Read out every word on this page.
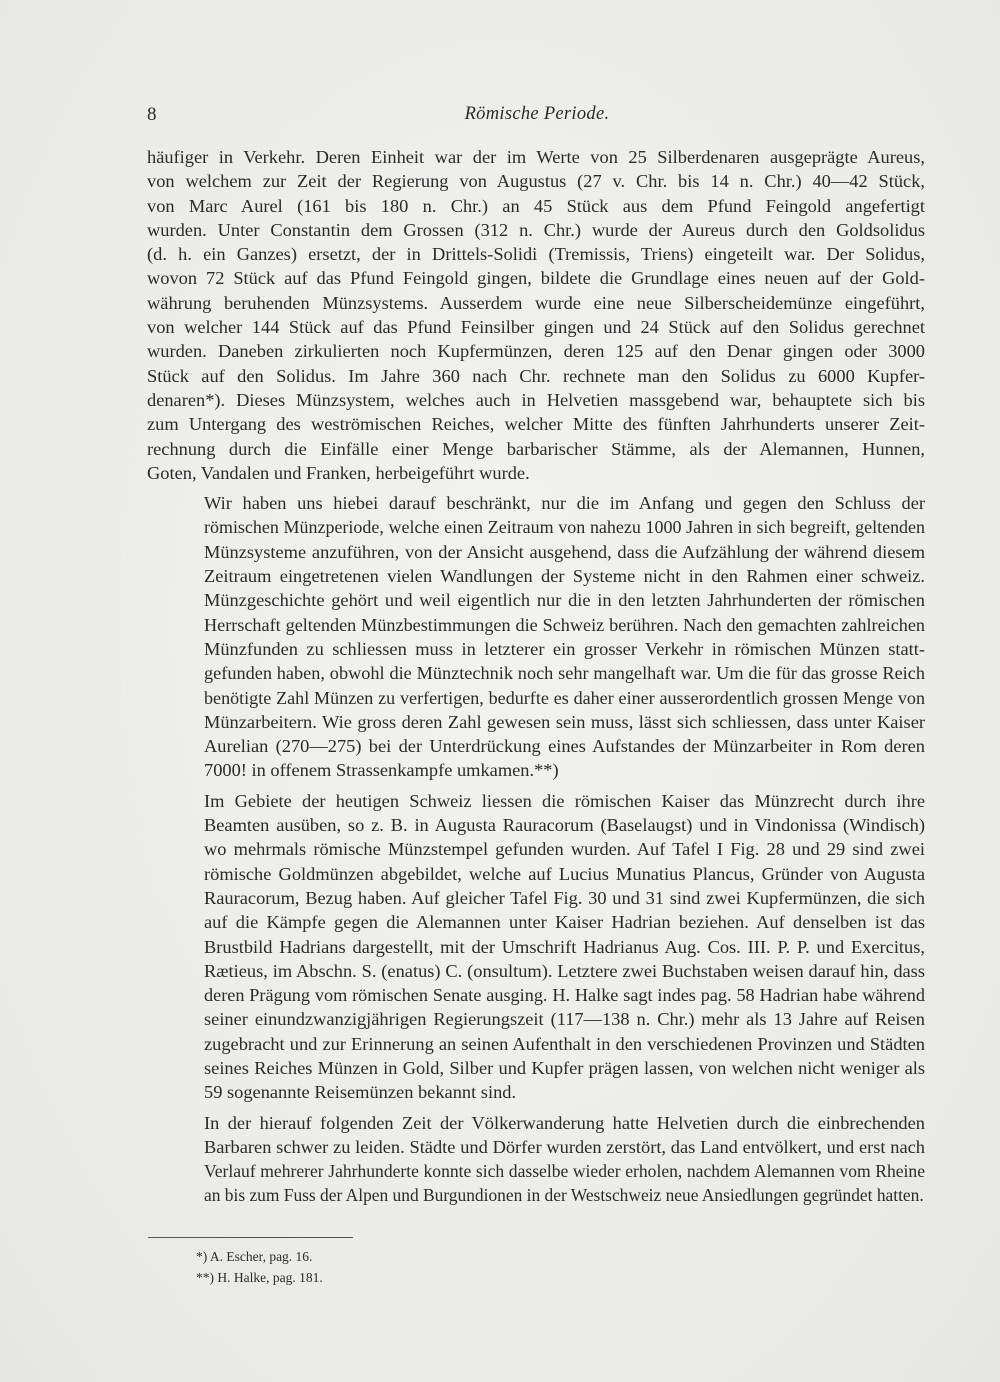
8	Römische Periode.
häufiger in Verkehr. Deren Einheit war der im Werte von 25 Silberdenaren ausgeprägte Aureus,
von welchem zur Zeit der Regierung von Augustus (27 v. Chr. bis 14 n. Chr.) 40—42 Stück,
von Marc Aurel (161 bis 180 n. Chr.) an 45 Stück aus dem Pfund Feingold angefertigt
wurden. Unter Constantin dem Grossen (312 n. Chr.) wurde der Aureus durch den Goldsolidus
(d. h. ein Ganzes) ersetzt, der in Drittels-Solidi (Tremissis, Triens) eingeteilt war. Der Solidus,
wovon 72 Stück auf das Pfund Feingold gingen, bildete die Grundlage eines neuen auf der Gold-
währung beruhenden Münzsystems. Ausserdem wurde eine neue Silberscheidemünze eingeführt,
von welcher 144 Stück auf das Pfund Feinsilber gingen und 24 Stück auf den Solidus gerechnet
wurden. Daneben zirkulierten noch Kupfermünzen, deren 125 auf den Denar gingen oder 3000
Stück auf den Solidus. Im Jahre 360 nach Chr. rechnete man den Solidus zu 6000 Kupfer-
denaren*). Dieses Münzsystem, welches auch in Helvetien massgebend war, behauptete sich bis
zum Untergang des weströmischen Reiches, welcher Mitte des fünften Jahrhunderts unserer Zeit-
rechnung durch die Einfälle einer Menge barbarischer Stämme, als der Alemannen, Hunnen,
Goten, Vandalen und Franken, herbeigeführt wurde.
Wir haben uns hiebei darauf beschränkt, nur die im Anfang und gegen den Schluss der
römischen Münzperiode, welche einen Zeitraum von nahezu 1000 Jahren in sich begreift, geltenden
Münzsysteme anzuführen, von der Ansicht ausgehend, dass die Aufzählung der während diesem
Zeitraum eingetretenen vielen Wandlungen der Systeme nicht in den Rahmen einer schweiz.
Münzgeschichte gehört und weil eigentlich nur die in den letzten Jahrhunderten der römischen
Herrschaft geltenden Münzbestimmungen die Schweiz berühren. Nach den gemachten zahlreichen
Münzfunden zu schliessen muss in letzterer ein grosser Verkehr in römischen Münzen statt-
gefunden haben, obwohl die Münztechnik noch sehr mangelhaft war. Um die für das grosse Reich
benötigte Zahl Münzen zu verfertigen, bedurfte es daher einer ausserordentlich grossen Menge von
Münzarbeitern. Wie gross deren Zahl gewesen sein muss, lässt sich schliessen, dass unter Kaiser
Aurelian (270—275) bei der Unterdrückung eines Aufstandes der Münzarbeiter in Rom deren
7000! in offenem Strassenkampfe umkamen.**)
Im Gebiete der heutigen Schweiz liessen die römischen Kaiser das Münzrecht durch ihre
Beamten ausüben, so z. B. in Augusta Rauracorum (Baselaugst) und in Vindonissa (Windisch)
wo mehrmals römische Münzstempel gefunden wurden. Auf Tafel I Fig. 28 und 29 sind zwei
römische Goldmünzen abgebildet, welche auf Lucius Munatius Plancus, Gründer von Augusta
Rauracorum, Bezug haben. Auf gleicher Tafel Fig. 30 und 31 sind zwei Kupfermünzen, die sich
auf die Kämpfe gegen die Alemannen unter Kaiser Hadrian beziehen. Auf denselben ist das
Brustbild Hadrians dargestellt, mit der Umschrift Hadrianus Aug. Cos. III. P. P. und Exercitus,
Rætieus, im Abschn. S. (enatus) C. (onsultum). Letztere zwei Buchstaben weisen darauf hin, dass
deren Prägung vom römischen Senate ausging. H. Halke sagt indes pag. 58 Hadrian habe während
seiner einundzwanzigjährigen Regierungszeit (117—138 n. Chr.) mehr als 13 Jahre auf Reisen
zugebracht und zur Erinnerung an seinen Aufenthalt in den verschiedenen Provinzen und Städten
seines Reiches Münzen in Gold, Silber und Kupfer prägen lassen, von welchen nicht weniger als
59 sogenannte Reisemünzen bekannt sind.
In der hierauf folgenden Zeit der Völkerwanderung hatte Helvetien durch die einbrechenden
Barbaren schwer zu leiden. Städte und Dörfer wurden zerstört, das Land entvölkert, und erst nach
Verlauf mehrerer Jahrhunderte konnte sich dasselbe wieder erholen, nachdem Alemannen vom Rheine
an bis zum Fuss der Alpen und Burgundionen in der Westschweiz neue Ansiedlungen gegründet hatten.
*) A. Escher, pag. 16.
**) H. Halke, pag. 181.
